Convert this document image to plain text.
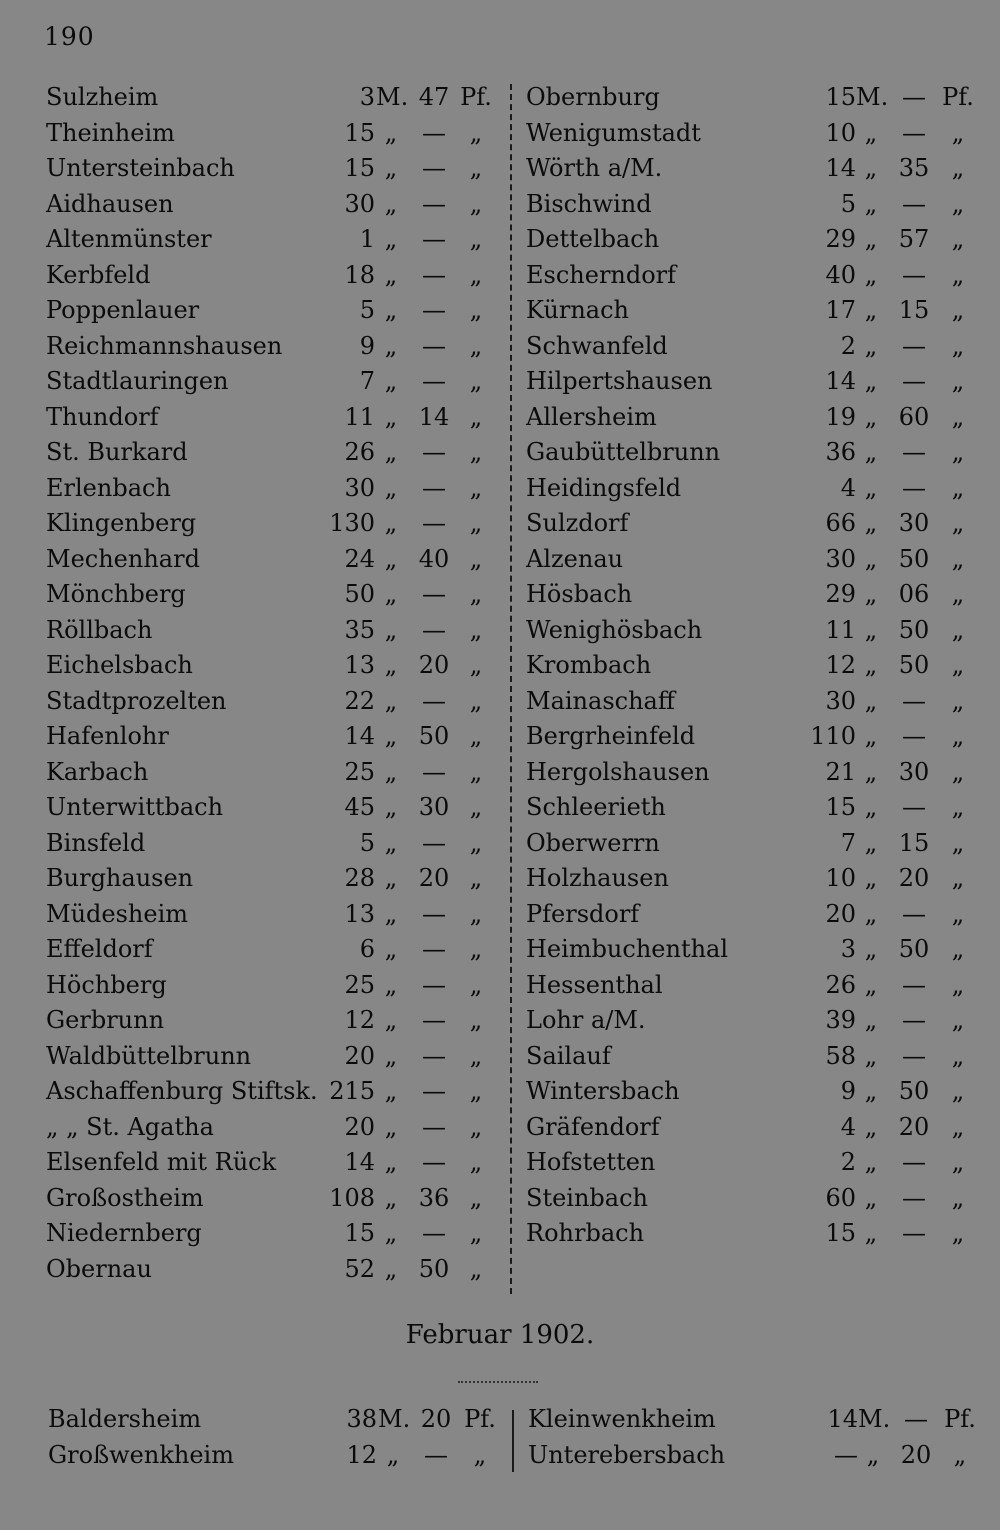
190
Sulzheim	3 M. 47 Pf.
Theinheim	15 „	— „
Untersteinbach	15 „	— „
Aidhausen	30 „	— „
Altenmünster	1 „	— „
Kerbfeld	18 „	— „
Poppenlauer	5 „	— „
Reichmannshausen	9 „	— „
Stadtlauringen	7 „	— „
Thundorf	11 „ 14 „
St. Burkard	26 „	— „
Erlenbach	30 „	— „
Klingenberg	130 „	— „
Mechenhard	24 „ 40 „
Mönchberg	50 „	— „
Röllbach	35 „	— „
Eichelsbach	13 „ 20 „
Stadtprozelten	22 „	— „
Hafenlohr	14 „ 50 „
Karbach	25 „	— „
Unterwittbach	45 „ 30 „
Binsfeld	5 „	— „
Burghausen	28 „ 20 „
Müdesheim	13 „	— „
Effeldorf	6 „	— „
Höchberg	25 „	— „
Gerbrunn	12 „	— „
Waldbüttelbrunn	20 „	— „
Aschaffenburg Stiftsk. 215 „	— „
„ „ St. Agatha	20 „	— „
Elsenfeld mit Rück	14 „	— „
Großostheim	108 „ 36 „
Niedernberg	15 „	— „
Obernau	52 „ 50 „
Obernburg	15 M. — Pf.
Wenigumstadt	10 „	—	„
Wörth a/M.	14 „ 35 „
Bischwind	5 „	—	„
Dettelbach	29 „ 57 „
Escherndorf	40 „	—	„
Kürnach	17 „ 15 „
Schwanfeld	2 „	—	„
Hilpertshausen	14 „	—	„
Allersheim	19 „ 60 „
Gaubüttelbrunn	36 „	—	„
Heidingsfeld	4 „	—	„
Sulzdorf	66 „ 30 „
Alzenau	30 „ 50 „
Hösbach	29 „ 06 „
Wenighösbach	11 „ 50 „
Krombach	12 „ 50 „
Mainaschaff	30 „	—	„
Bergrheinfeld	110 „	—	„
Hergolshausen	21 „ 30 „
Schleerieth	15 „	—	„
Oberwerrn	7 „ 15 „
Holzhausen	10 „ 20 „
Pfersdorf	20 „	—	„
Heimbuchenthal	3 „ 50 „
Hessenthal	26 „	—	„
Lohr a/M.	39 „	—	„
Sailauf	58 „	—	„
Wintersbach	9 „ 50 „
Gräfendorf	4 „ 20 „
Hofstetten	2 „	—	„
Steinbach	60 „	—	„
Rohrbach	15 „	—	„
Februar 1902.
Baldersheim	38 M. 20 Pf.
Großwenkheim	12 „	—	„
Kleinwenkheim	14 M. — Pf.
Unterebersbach	— „ 20 „
